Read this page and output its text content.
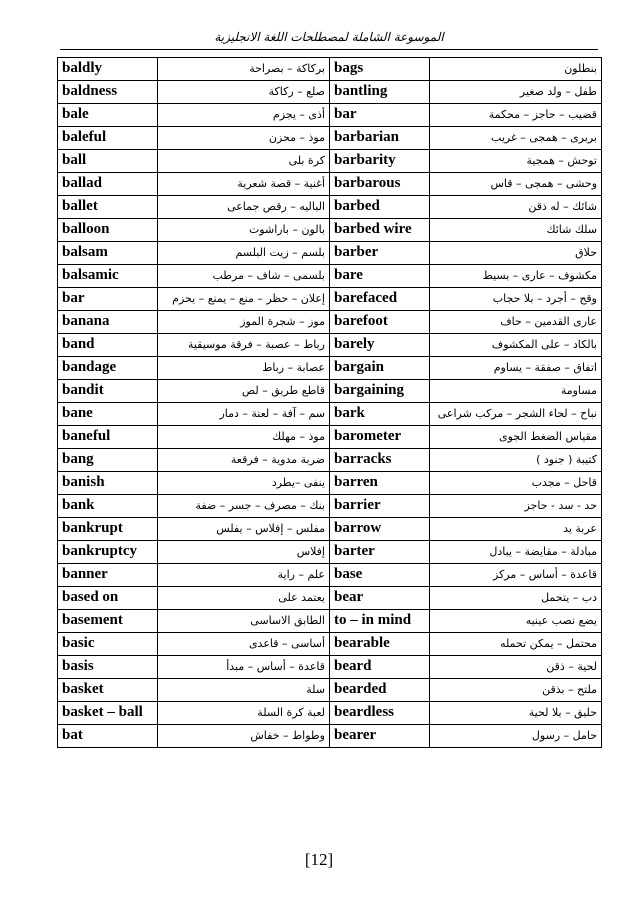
الموسوعة الشاملة لمصطلحات اللغة الانجليزية
baldly	بركاكة – بصراحة	bags	بنطلون
baldness	صلع – ركاكة	bantling	طفل – ولد صغير
bale	أذى – يجزم	bar	قضيب – حاجز – محكمة
baleful	موذ – محزن	barbarian	بربرى – همجى – غريب
ball	كرة بلى	barbarity	توحش – همجية
ballad	أغنية – قصة شعرية	barbarous	وحشى – همجى – قاس
ballet	الباليه – رقص جماعى	barbed	شائك – له ذقن
balloon	بالون – باراشوت	barbed wire	سلك شائك
balsam	بلسم – زيت البلسم	barber	حلاق
balsamic	بلسمى – شاف – مرطب	bare	مكشوف – عارى – بسيط
bar	إعلان – حظر – منع – يمنع – يحزم	barefaced	وقح – أجرد – بلا حجاب
banana	موز – شجرة الموز	barefoot	عارى القدمين – حاف
band	رباط – عصبة – فرقة موسيقية	barely	بالكاد – على المكشوف
bandage	عصابة – رباط	bargain	اتفاق – صفقة – يساوم
bandit	قاطع طريق – لص	bargaining	مساومة
bane	سم – آفة – لعنة – دمار	bark	نباح – لحاء الشجر – مركب شراعى
baneful	موذ – مهلك	barometer	مقياس الضغط الجوى
bang	ضربة مدوية – فرقعة	barracks	كتيبة ( جنود )
banish	ينفى –يطرد	barren	قاحل – مجدب
bank	بنك – مصرف – جسر – ضفة	barrier	حد - سد - حاجز
bankrupt	مفلس – إفلاس – يفلس	barrow	عربة يد
bankruptcy	إفلاس	barter	مبادلة – مقايضة – يبادل
banner	علم – راية	base	قاعدة – أساس – مركز
based on	يعتمد على	bear	دب – يتحمل
basement	الطابق الاساسى	to – in mind	يضع نصب عينيه
basic	أساسى – قاعدى	bearable	محتمل – يمكن تحمله
basis	قاعدة – أساس – مبدأ	beard	لحية – ذقن
basket	سلة	bearded	ملتح – بذقن
basket – ball	لعبة كرة السلة	beardless	حليق – بلا لحية
bat	وطواط – خفاش	bearer	حامل – رسول
[12]
